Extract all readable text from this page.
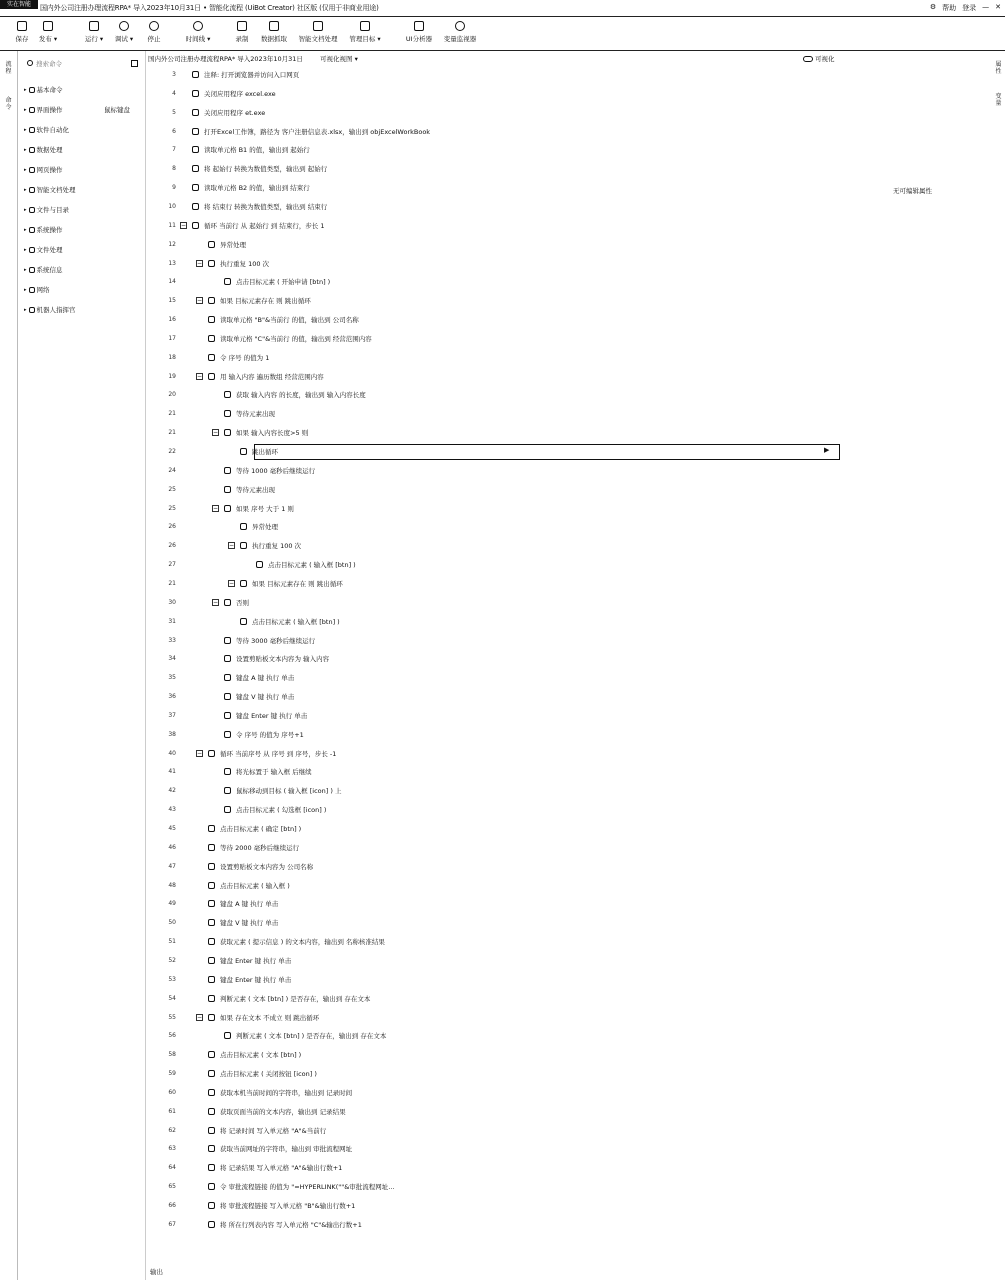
实在智能	国内外公司注册办理流程RPA* 导入2023年10月31日 • 智能化流程 (UiBot Creator) 社区版 (仅用于非商业用途)	⚙ 帮助 登录 — ✕
保存	发布 ▾	运行 ▾	调试 ▾	停止	时间线 ▾	录制	数据抓取	智能文档处理	管理目标 ▾	UI分析器	变量监视器
流程
命令
搜索命令
▸ 基本命令
▸ 界面操作	鼠标键盘
▸ 软件自动化
▸ 数据处理
▸ 网页操作
▸ 智能文档处理
▸ 文件与目录
▸ 系统操作
▸ 文件处理
▸ 系统信息
▸ 网络
▸ 机器人指挥官
国内外公司注册办理流程RPA* 导入2023年10月31日	可视化视图 ▾	可视化
属性
变量
无可编辑属性
3	注释: 打开浏览器并访问入口网页
4	关闭应用程序 excel.exe
5	关闭应用程序 et.exe
6	打开Excel工作簿，路径为 客户注册信息表.xlsx，输出到 objExcelWorkBook
7	读取单元格 B1 的值，输出到 起始行
8	将 起始行 转换为数值类型，输出到 起始行
9	读取单元格 B2 的值，输出到 结束行
10	将 结束行 转换为数值类型，输出到 结束行
11 −	循环 当前行 从 起始行 到 结束行，步长 1
12	异常处理
13	−	执行重复 100 次
14	点击目标元素 ( 开始申请 [btn] )
15	−	如果 目标元素存在 则 跳出循环
16	读取单元格 "B"&当前行 的值，输出到 公司名称
17	读取单元格 "C"&当前行 的值，输出到 经营范围内容
18	令 序号 的值为 1
19	−	用 输入内容 遍历数组 经营范围内容
20	获取 输入内容 的长度，输出到 输入内容长度
21	等待元素出现
21	−	如果 输入内容长度>5 则
22	跳出循环	▶
24	等待 1000 毫秒后继续运行
25	等待元素出现
25	−	如果 序号 大于 1 则
26	异常处理
26	−	执行重复 100 次
27	点击目标元素 ( 输入框 [btn] )
21	−	如果 目标元素存在 则 跳出循环
30	−	否则
31	点击目标元素 ( 输入框 [btn] )
33	等待 3000 毫秒后继续运行
34	设置剪贴板文本内容为 输入内容
35	键盘 A 键 执行 单击
36	键盘 V 键 执行 单击
37	键盘 Enter 键 执行 单击
38	令 序号 的值为 序号+1
40	−	循环 当前序号 从 序号 到 序号，步长 -1
41	将光标置于 输入框 后继续
42	鼠标移动到目标 ( 输入框 [icon] ) 上
43	点击目标元素 ( 勾选框 [icon] )
45	点击目标元素 ( 确定 [btn] )
46	等待 2000 毫秒后继续运行
47	设置剪贴板文本内容为 公司名称
48	点击目标元素 ( 输入框 )
49	键盘 A 键 执行 单击
50	键盘 V 键 执行 单击
51	获取元素 ( 提示信息 ) 的文本内容，输出到 名称核准结果
52	键盘 Enter 键 执行 单击
53	键盘 Enter 键 执行 单击
54	判断元素 ( 文本 [btn] ) 是否存在，输出到 存在文本
55	−	如果 存在文本 不成立 则 跳出循环
56	判断元素 ( 文本 [btn] ) 是否存在，输出到 存在文本
58	点击目标元素 ( 文本 [btn] )
59	点击目标元素 ( 关闭按钮 [icon] )
60	获取本机当前时间的字符串，输出到 记录时间
61	获取页面当前的文本内容，输出到 记录结果
62	将 记录时间 写入单元格 "A"&当前行
63	获取当前网址的字符串，输出到 审批流程网址
64	将 记录结果 写入单元格 "A"&输出行数+1
65	令 审批流程链接 的值为 "=HYPERLINK(""&审批流程网址...
66	将 审批流程链接 写入单元格 "B"&输出行数+1
67	将 所在行列表内容 写入单元格 "C"&输出行数+1
输出
